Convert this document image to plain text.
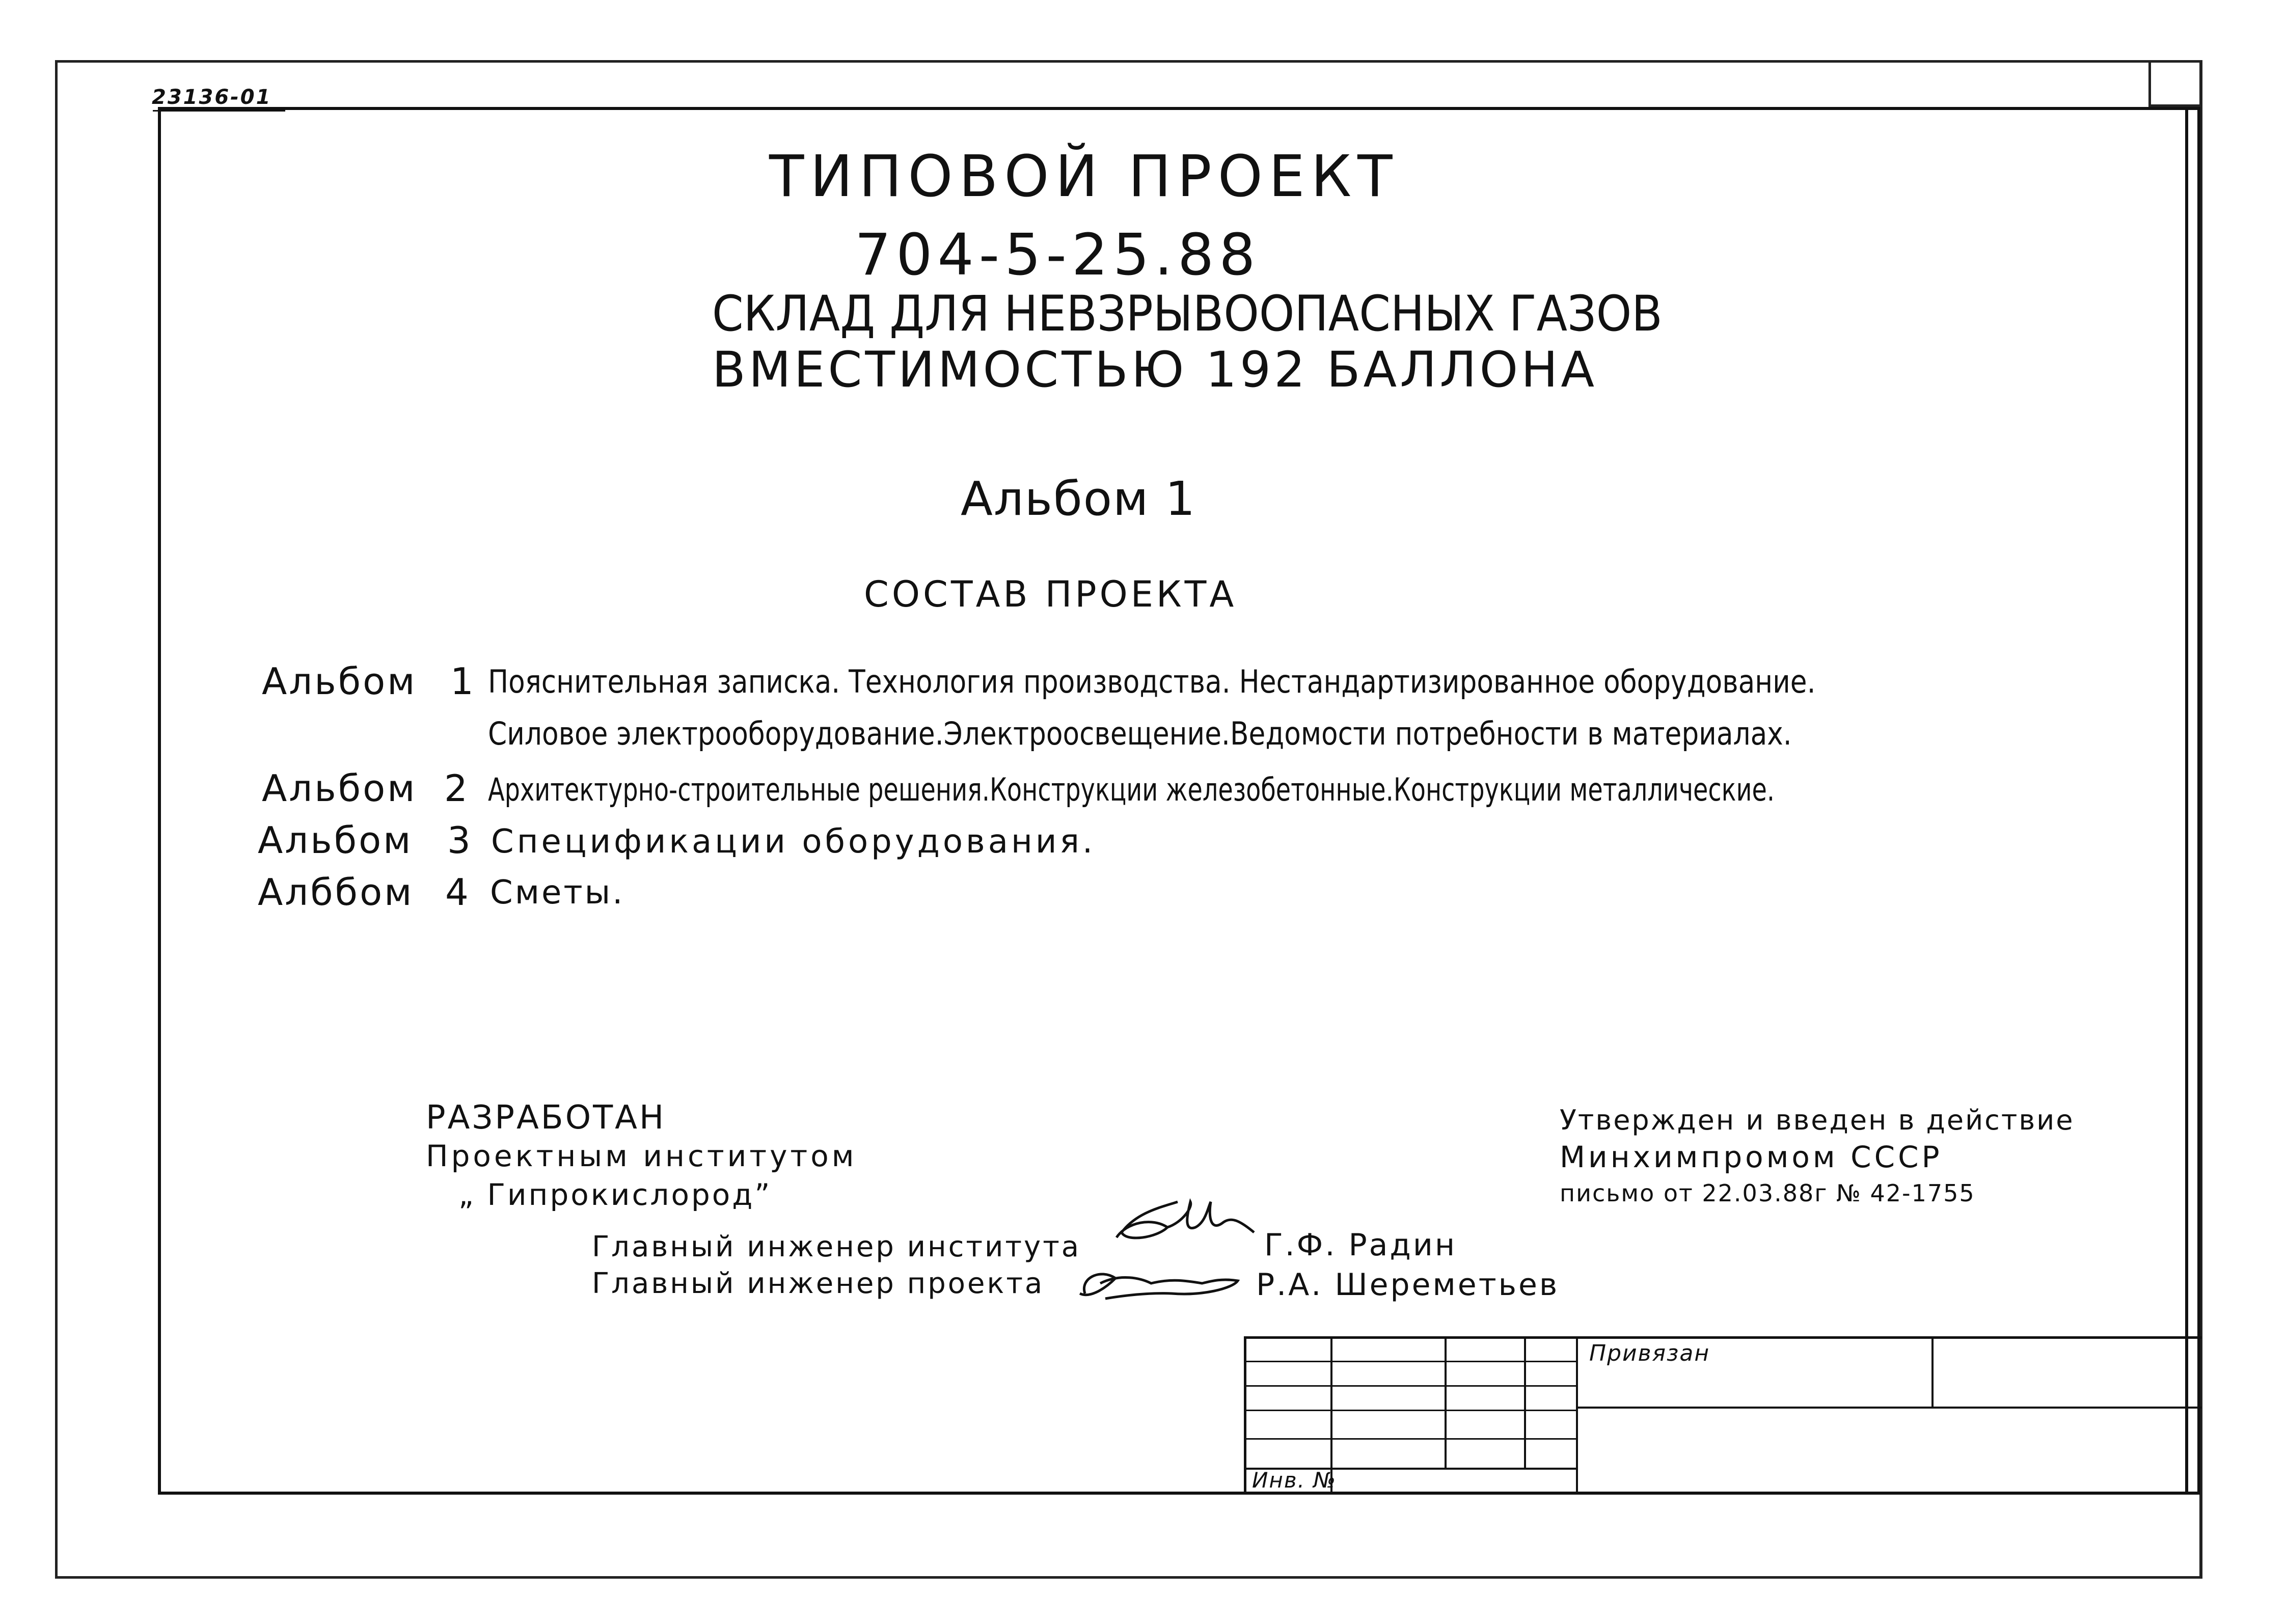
23136-01
ТИПОВОЙ ПРОЕКТ
704-5-25.88
СКЛАД ДЛЯ НЕВЗРЫВООПАСНЫХ ГАЗОВ
ВМЕСТИМОСТЬЮ 192 БАЛЛОНА
Альбом 1
СОСТАВ ПРОЕКТА
Альбом 1 Пояснительная записка. Технология производства. Нестандартизированное оборудование.
Силовое электрооборудование.Электроосвещение.Ведомости потребности в материалах.
Альбом 2 Архитектурно-строительные решения.Конструкции железобетонные.Конструкции металлические.
Альбом 3 Спецификации оборудования.
Алббом 4 Сметы.
РАЗРАБОТАН
Проектным институтом
„ Гипрокислород”
Утвержден и введен в действие
Минхимпромом СССР
письмо от 22.03.88г № 42-1755
Главный инженер института	Г.Ф. Радин
Главный инженер проекта	Р.А. Шереметьев
Привязан
Инв. №
